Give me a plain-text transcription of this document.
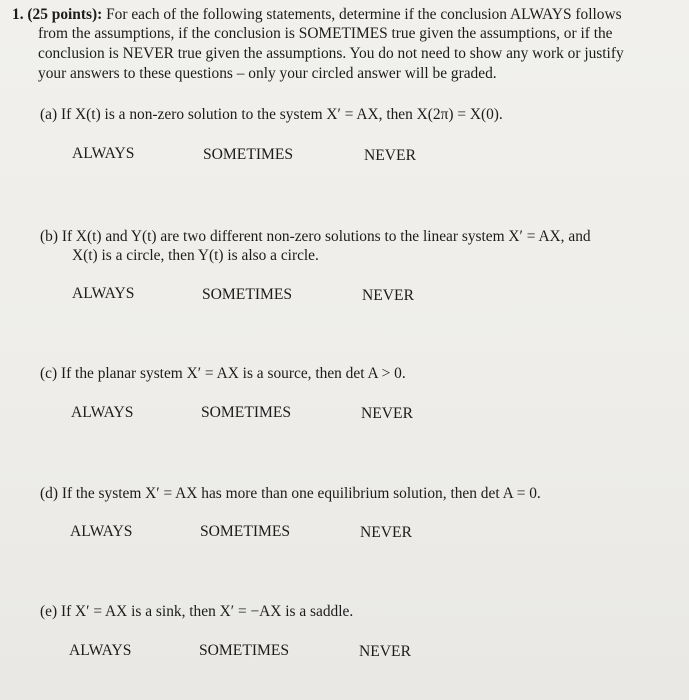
1. (25 points): For each of the following statements, determine if the conclusion ALWAYS follows

from the assumptions, if the conclusion is SOMETIMES true given the assumptions, or if the

conclusion is NEVER true given the assumptions. You do not need to show any work or justify

your answers to these questions – only your circled answer will be graded.

(a) If X(t) is a non-zero solution to the system X′ = AX, then X(2π) = X(0).

ALWAYS	SOMETIMES	NEVER

(b) If X(t) and Y(t) are two different non-zero solutions to the linear system X′ = AX, and

X(t) is a circle, then Y(t) is also a circle.

ALWAYS	SOMETIMES	NEVER

(c) If the planar system X′ = AX is a source, then det A > 0.

ALWAYS	SOMETIMES	NEVER

(d) If the system X′ = AX has more than one equilibrium solution, then det A = 0.

ALWAYS	SOMETIMES	NEVER

(e) If X′ = AX is a sink, then X′ = −AX is a saddle.

ALWAYS	SOMETIMES	NEVER
